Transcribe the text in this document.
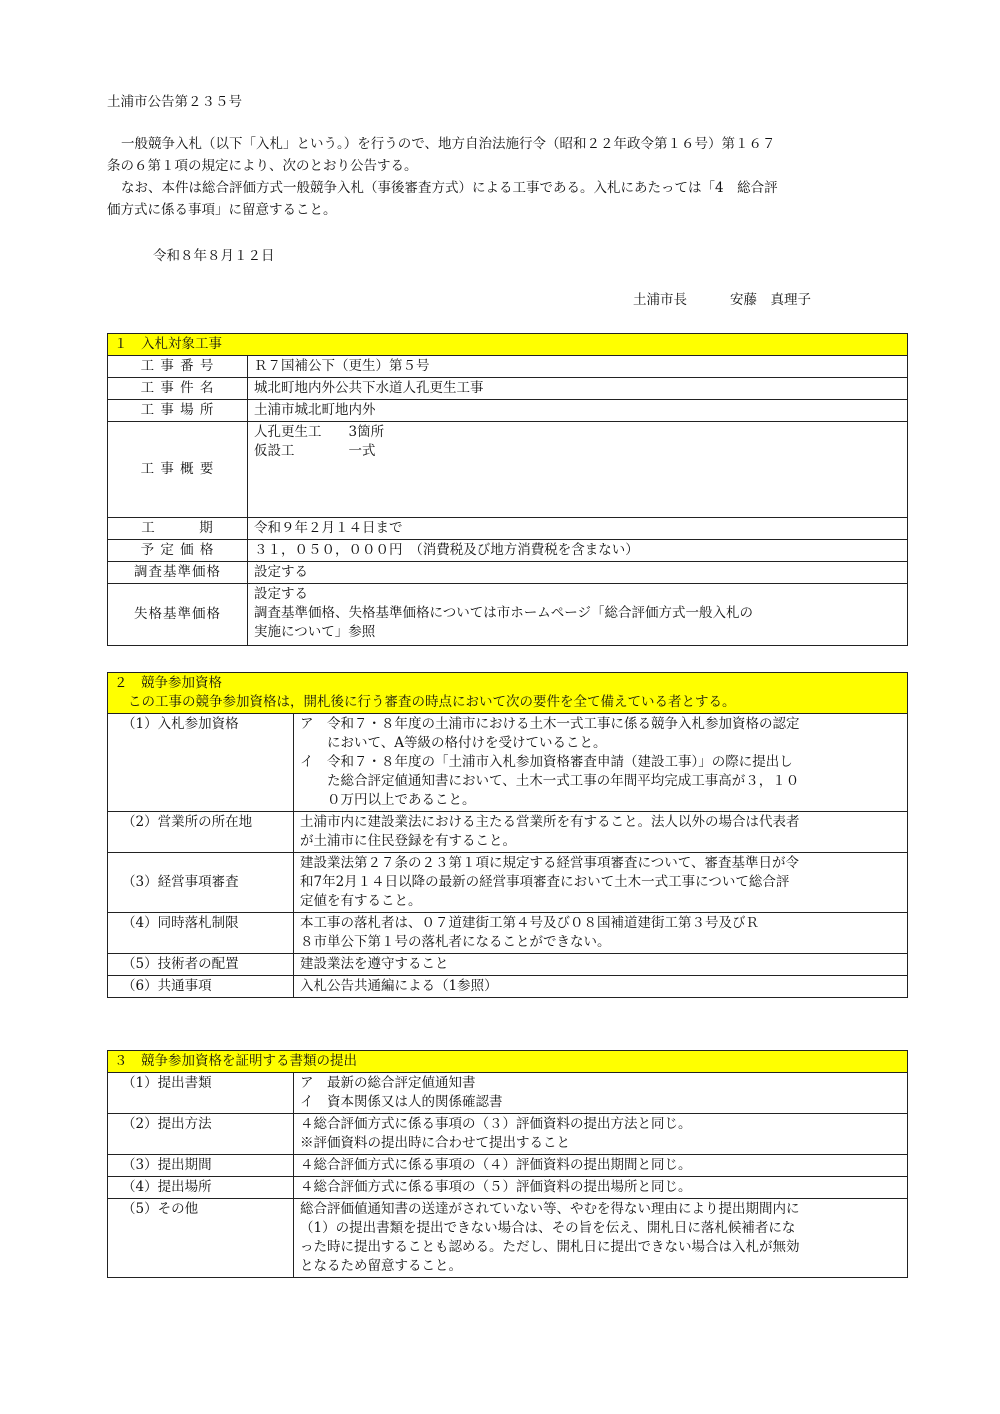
土浦市公告第２３５号
一般競争入札（以下「入札」という。）を行うので、地方自治法施行令（昭和２２年政令第１６号）第１６７
条の６第１項の規定により、次のとおり公告する。
なお、本件は総合評価方式一般競争入札（事後審査方式）による工事である。入札にあたっては「4　総合評
価方式に係る事項」に留意すること。
令和８年８月１２日
土浦市長	安藤　真理子
１　入札対象工事	
工 事 番 号	Ｒ７国補公下（更生）第５号

工 事 件 名	城北町地内外公共下水道人孔更生工事

工 事 場 所	土浦市城北町地内外

工 事 概 要	人孔更生工　　3箇所
仮設工　　　　一式

工　　　期	令和９年２月１４日まで

予 定 価 格	３１，０５０，０００円　（消費税及び地方消費税を含まない）

調査基準価格	設定する

失格基準価格	設定する
調査基準価格、失格基準価格については市ホームページ「総合評価方式一般入札の
実施について」参照
２　競争参加資格
この工事の競争参加資格は，開札後に行う審査の時点において次の要件を全て備えている者とする。	

（1）入札参加資格	ア　令和７・８年度の土浦市における土木一式工事に係る競争入札参加資格の認定
　　において、A等級の格付けを受けていること。
イ　令和７・８年度の「土浦市入札参加資格審査申請（建設工事）」の際に提出し
　　た総合評定値通知書において、土木一式工事の年間平均完成工事高が３，１０
　　０万円以上であること。

（2）営業所の所在地	土浦市内に建設業法における主たる営業所を有すること。法人以外の場合は代表者
が土浦市に住民登録を有すること。

（3）経営事項審査	建設業法第２７条の２３第１項に規定する経営事項審査について、審査基準日が令
和7年2月１４日以降の最新の経営事項審査において土木一式工事について総合評
定値を有すること。

（4）同時落札制限	本工事の落札者は、０７道建街工第４号及び０８国補道建街工第３号及びＲ
８市単公下第１号の落札者になることができない。

（5）技術者の配置	建設業法を遵守すること

（6）共通事項	入札公告共通編による（1参照）
３　競争参加資格を証明する書類の提出	
（1）提出書類	ア　最新の総合評定値通知書
イ　資本関係又は人的関係確認書

（2）提出方法	４総合評価方式に係る事項の（３）評価資料の提出方法と同じ。
※評価資料の提出時に合わせて提出すること

（3）提出期間	４総合評価方式に係る事項の（４）評価資料の提出期間と同じ。

（4）提出場所	４総合評価方式に係る事項の（５）評価資料の提出場所と同じ。

（5）その他	総合評価値通知書の送達がされていない等、やむを得ない理由により提出期間内に
（1）の提出書類を提出できない場合は、その旨を伝え、開札日に落札候補者にな
った時に提出することも認める。ただし、開札日に提出できない場合は入札が無効
となるため留意すること。
